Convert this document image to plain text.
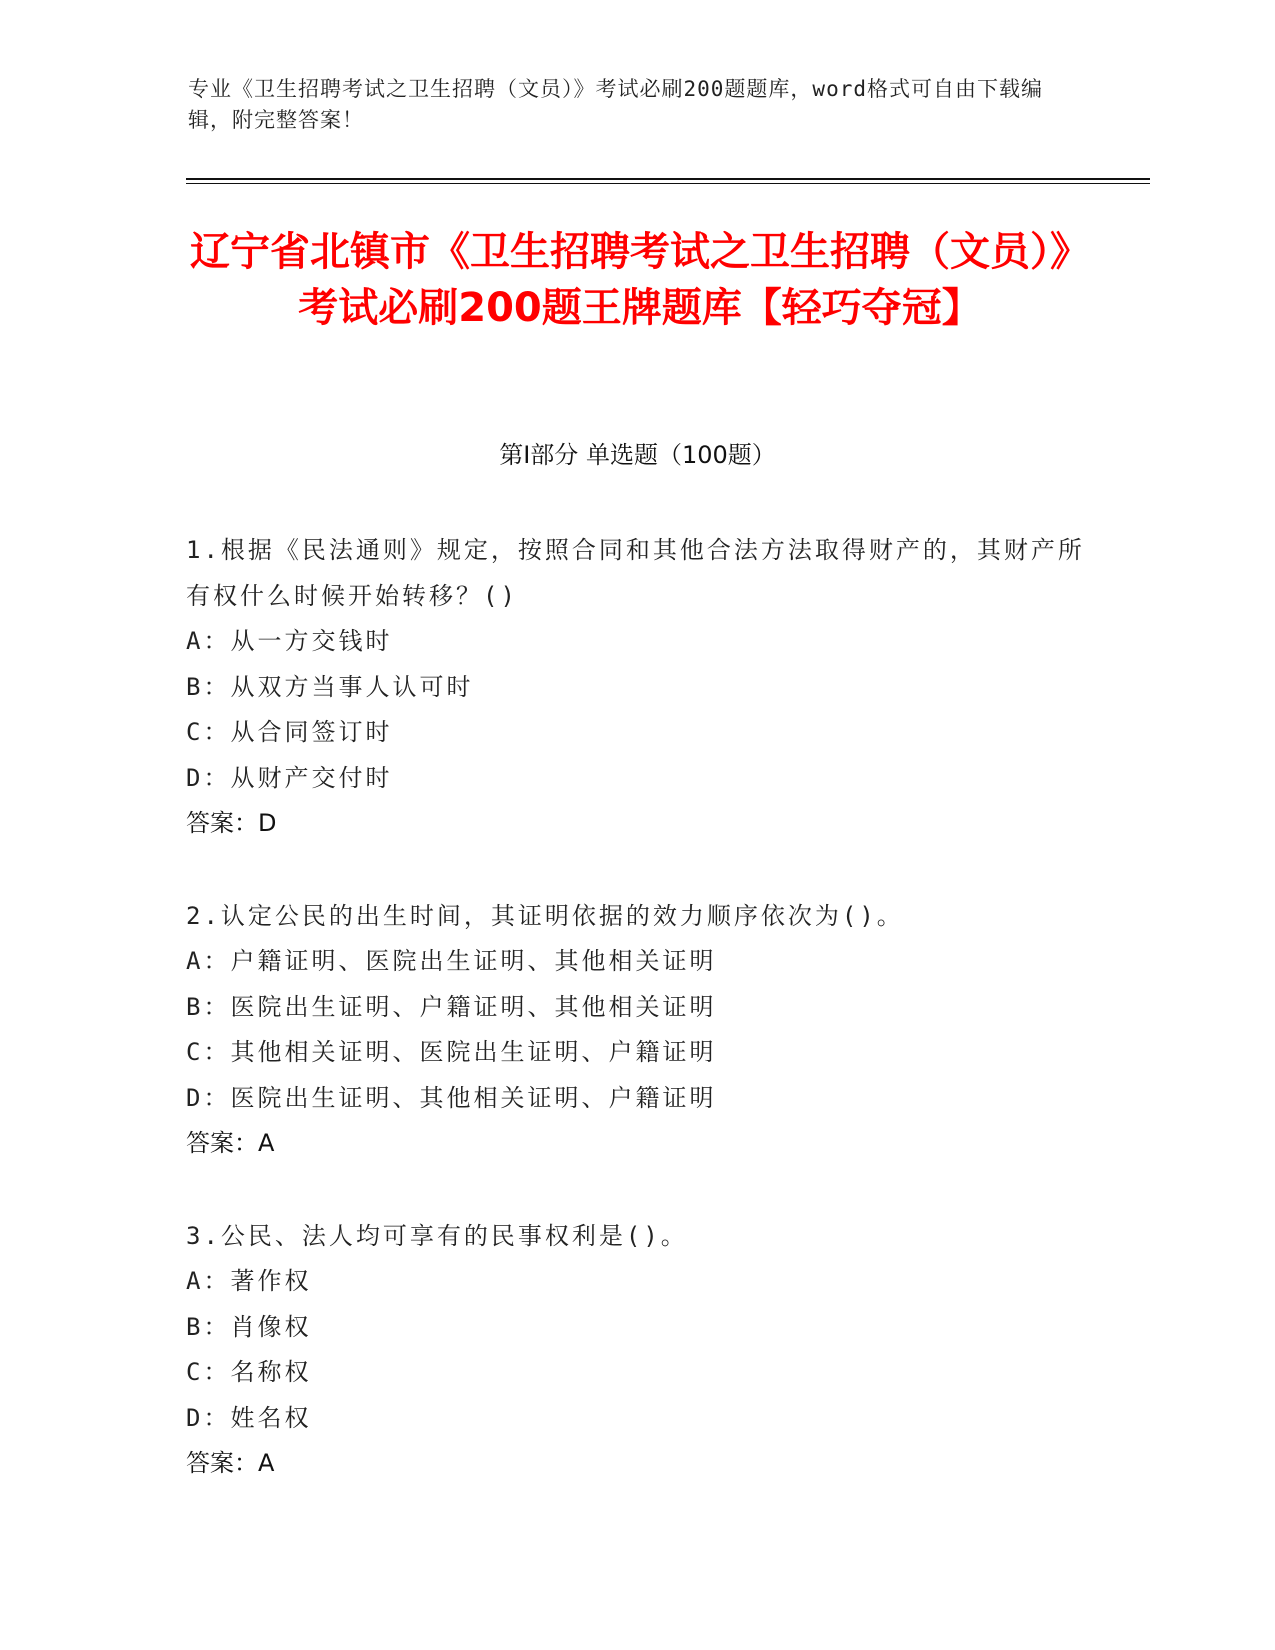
专业《卫生招聘考试之卫生招聘（文员）》考试必刷200题题库，word格式可自由下载编辑，附完整答案！
辽宁省北镇市《卫生招聘考试之卫生招聘（文员）》考试必刷200题王牌题库【轻巧夺冠】
第I部分 单选题（100题）
1.根据《民法通则》规定，按照合同和其他合法方法取得财产的，其财产所有权什么时候开始转移？()
A：从一方交钱时
B：从双方当事人认可时
C：从合同签订时
D：从财产交付时
答案：D
2.认定公民的出生时间，其证明依据的效力顺序依次为()。
A：户籍证明、医院出生证明、其他相关证明
B：医院出生证明、户籍证明、其他相关证明
C：其他相关证明、医院出生证明、户籍证明
D：医院出生证明、其他相关证明、户籍证明
答案：A
3.公民、法人均可享有的民事权利是()。
A：著作权
B：肖像权
C：名称权
D：姓名权
答案：A
